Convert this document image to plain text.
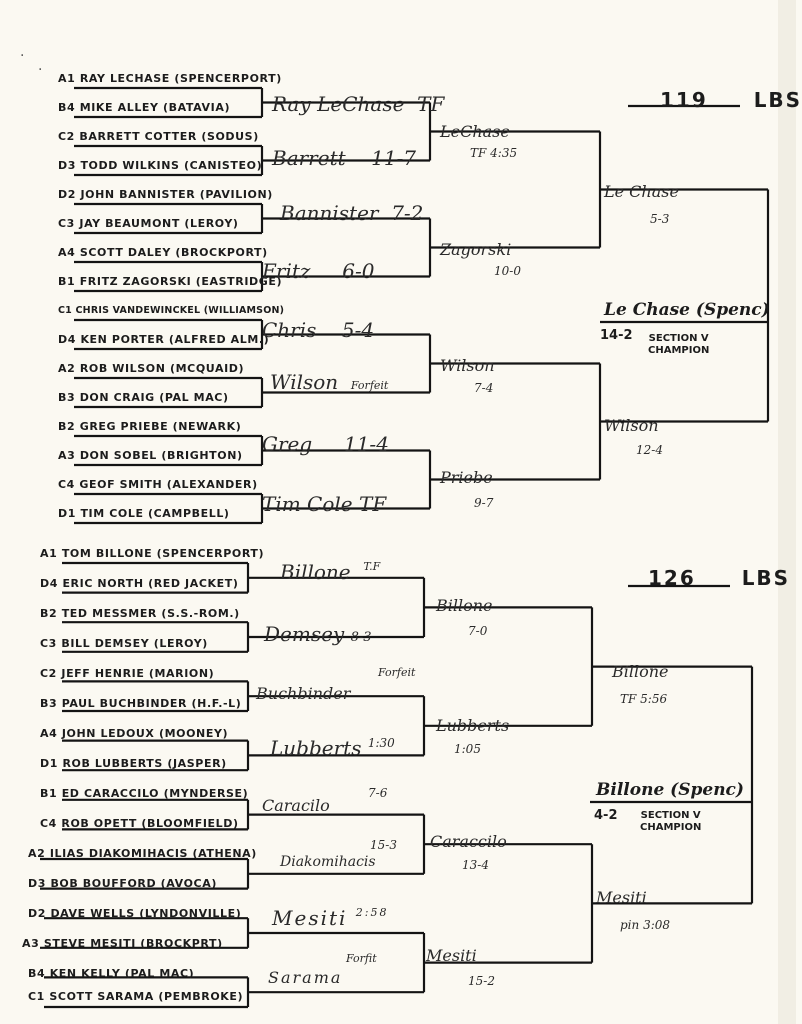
·
·
119 LBS
A1 RAY LECHASE (SPENCERPORT)
B4 MIKE ALLEY (BATAVIA)
C2 BARRETT COTTER (SODUS)
D3 TODD WILKINS (CANISTEO)
D2 JOHN BANNISTER (PAVILION)
C3 JAY BEAUMONT (LEROY)
A4 SCOTT DALEY (BROCKPORT)
B1 FRITZ ZAGORSKI (EASTRIDGE)
C1 CHRIS VANDEWINCKEL (WILLIAMSON)
D4 KEN PORTER (ALFRED ALM.)
A2 ROB WILSON (MCQUAID)
B3 DON CRAIG (PAL MAC)
B2 GREG PRIEBE (NEWARK)
A3 DON SOBEL (BRIGHTON)
C4 GEOF SMITH (ALEXANDER)
D1 TIM COLE (CAMPBELL)
Ray LeChase TF
Barrett 11-7
Bannister 7-2
Fritz 6-0
Chris 5-4
Wilson Forfeit
Greg 11-4
Tim Cole TF
LeChase
TF 4:35
Zagorski
10-0
Wilson
7-4
Priebe
9-7
Le Chase
5-3
Wilson
12-4
Le Chase (Spenc)
14-2 SECTION V
CHAMPION
126 LBS
A1 TOM BILLONE (SPENCERPORT)
D4 ERIC NORTH (RED JACKET)
B2 TED MESSMER (S.S.-ROM.)
C3 BILL DEMSEY (LEROY)
C2 JEFF HENRIE (MARION)
B3 PAUL BUCHBINDER (H.F.-L)
A4 JOHN LEDOUX (MOONEY)
D1 ROB LUBBERTS (JASPER)
B1 ED CARACCILO (MYNDERSE)
C4 ROB OPETT (BLOOMFIELD)
A2 ILIAS DIAKOMIHACIS (ATHENA)
D3 BOB BOUFFORD (AVOCA)
D2 DAVE WELLS (LYNDONVILLE)
A3 STEVE MESITI (BROCKPRT)
B4 KEN KELLY (PAL MAC)
C1 SCOTT SARAMA (PEMBROKE)
Billone $^{T.F}$
Demsey 8-3
Buchbinder
Forfeit
Lubberts $^{1:30}$
Caracilo
7-6
Diakomihacis
15-3
Mesiti $^{2:58}$
Sarama
Forfit
Billone
7-0
Lubberts
1:05
Caraccilo
13-4
Mesiti
15-2
Billone
TF 5:56
Mesiti
pin 3:08
Billone (Spenc)
4-2 SECTION V
CHAMPION
